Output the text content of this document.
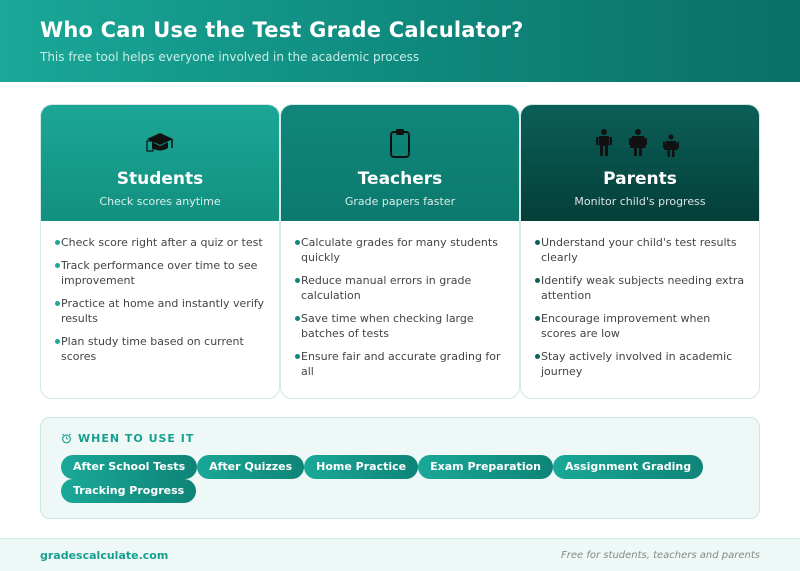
Who Can Use the Test Grade Calculator?

This free tool helps everyone involved in the academic process

Students
Check scores anytime
Check score right after a quiz or test
Track performance over time to see improvement
Practice at home and instantly verify results
Plan study time based on current scores
Teachers
Grade papers faster
Calculate grades for many students quickly
Reduce manual errors in grade calculation
Save time when checking large batches of tests
Ensure fair and accurate grading for all
Parents
Monitor child's progress
Understand your child's test results clearly
Identify weak subjects needing extra attention
Encourage improvement when scores are low
Stay actively involved in academic journey
WHEN TO USE IT
After School Tests	After Quizzes	Home Practice	Exam Preparation	Assignment Grading
Tracking Progress
gradescalculate.com	Free for students, teachers and parents
